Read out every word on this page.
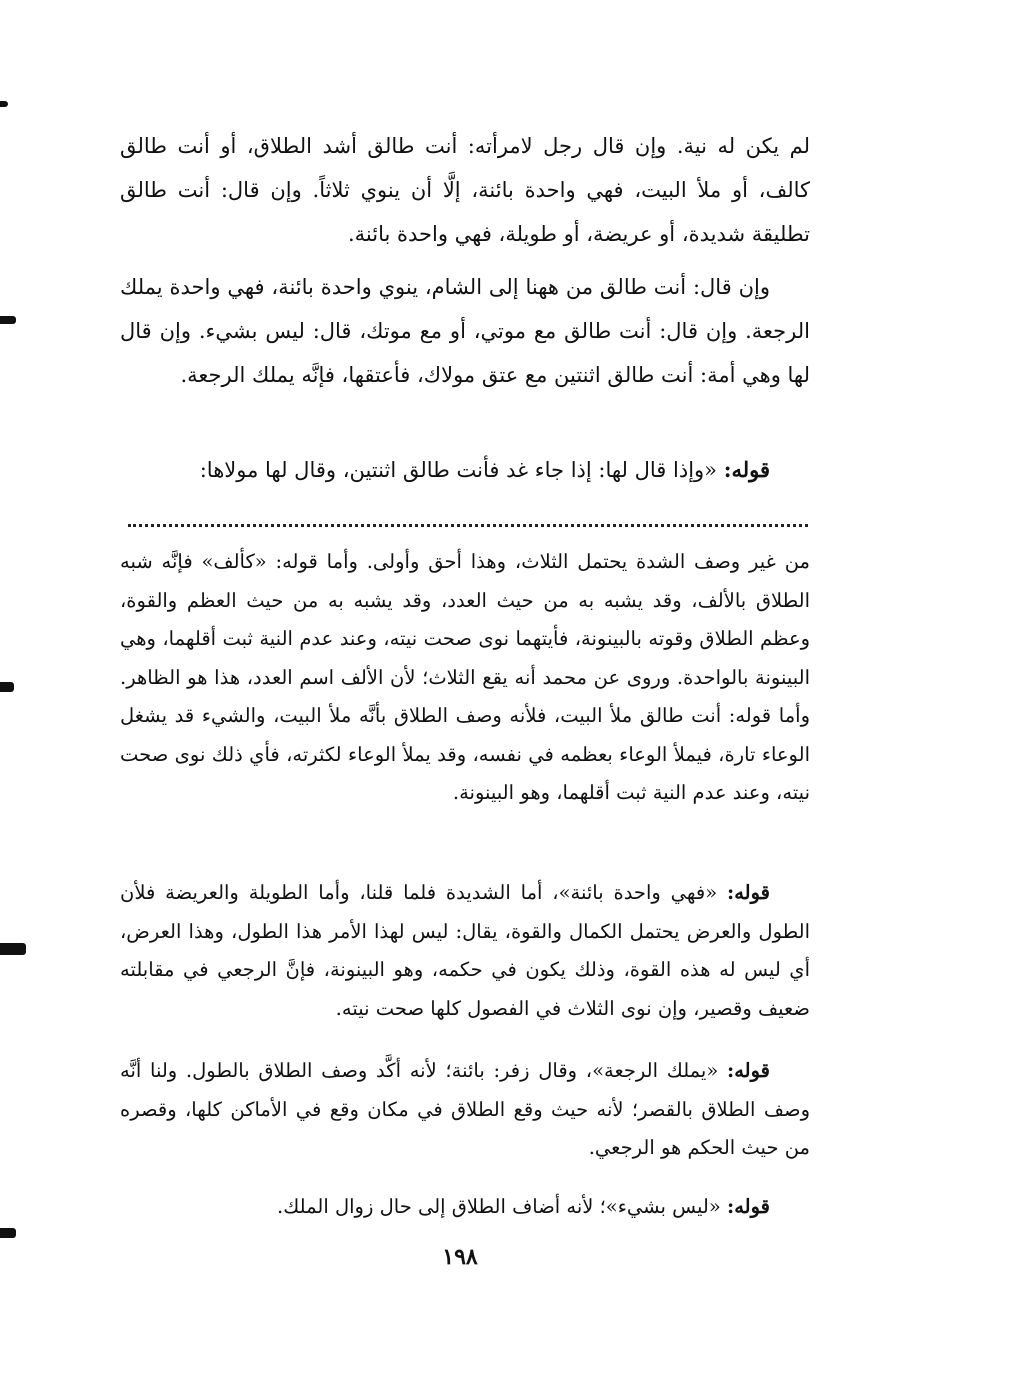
لم يكن له نية. وإن قال رجل لامرأته: أنت طالق أشد الطلاق، أو أنت طالق كالف، أو ملأ البيت، فهي واحدة بائنة، إلَّا أن ينوي ثلاثاً. وإن قال: أنت طالق تطليقة شديدة، أو عريضة، أو طويلة، فهي واحدة بائنة.

وإن قال: أنت طالق من ههنا إلى الشام، ينوي واحدة بائنة، فهي واحدة يملك الرجعة. وإن قال: أنت طالق مع موتي، أو مع موتك، قال: ليس بشيء. وإن قال لها وهي أمة: أنت طالق اثنتين مع عتق مولاك، فأعتقها، فإنَّه يملك الرجعة.

قوله: «وإذا قال لها: إذا جاء غد فأنت طالق اثنتين، وقال لها مولاها:

من غير وصف الشدة يحتمل الثلاث، وهذا أحق وأولى. وأما قوله: «كألف» فإنَّه شبه الطلاق بالألف، وقد يشبه به من حيث العدد، وقد يشبه به من حيث العظم والقوة، وعظم الطلاق وقوته بالبينونة، فأيتهما نوى صحت نيته، وعند عدم النية ثبت أقلهما، وهي البينونة بالواحدة. وروى عن محمد أنه يقع الثلاث؛ لأن الألف اسم العدد، هذا هو الظاهر. وأما قوله: أنت طالق ملأ البيت، فلأنه وصف الطلاق بأنَّه ملأ البيت، والشيء قد يشغل الوعاء تارة، فيملأ الوعاء بعظمه في نفسه، وقد يملأ الوعاء لكثرته، فأي ذلك نوى صحت نيته، وعند عدم النية ثبت أقلهما، وهو البينونة.

قوله: «فهي واحدة بائنة»، أما الشديدة فلما قلنا، وأما الطويلة والعريضة فلأن الطول والعرض يحتمل الكمال والقوة، يقال: ليس لهذا الأمر هذا الطول، وهذا العرض، أي ليس له هذه القوة، وذلك يكون في حكمه، وهو البينونة، فإنَّ الرجعي في مقابلته ضعيف وقصير، وإن نوى الثلاث في الفصول كلها صحت نيته.

قوله: «يملك الرجعة»، وقال زفر: بائنة؛ لأنه أكَّد وصف الطلاق بالطول. ولنا أنَّه وصف الطلاق بالقصر؛ لأنه حيث وقع الطلاق في مكان وقع في الأماكن كلها، وقصره من حيث الحكم هو الرجعي.

قوله: «ليس بشيء»؛ لأنه أضاف الطلاق إلى حال زوال الملك.

١٩٨
